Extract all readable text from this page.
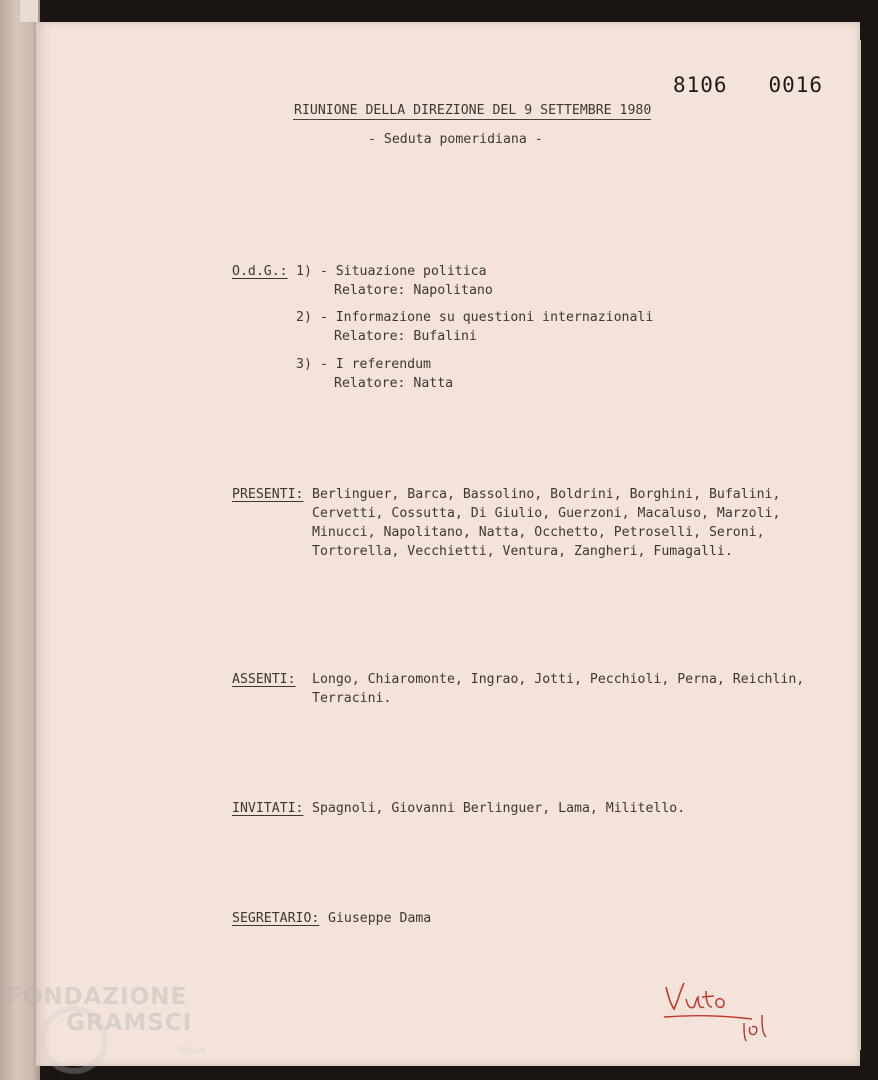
8106   0016
RIUNIONE DELLA DIREZIONE DEL 9 SETTEMBRE 1980
- Seduta pomeridiana -
O.d.G.: 1) - Situazione politica
Relatore: Napolitano
2) - Informazione su questioni internazionali
Relatore: Bufalini
3) - I referendum
Relatore: Natta
PRESENTI: Berlinguer, Barca, Bassolino, Boldrini, Borghini, Bufalini,
Cervetti, Cossutta, Di Giulio, Guerzoni, Macaluso, Marzoli,
Minucci, Napolitano, Natta, Occhetto, Petroselli, Seroni,
Tortorella, Vecchietti, Ventura, Zangheri, Fumagalli.
ASSENTI: Longo, Chiaromonte, Ingrao, Jotti, Pecchioli, Perna, Reichlin,
Terracini.
INVITATI: Spagnoli, Giovanni Berlinguer, Lama, Militello.
SEGRETARIO: Giuseppe Dama
FONDAZIONE
GRAMSCI
onlus
